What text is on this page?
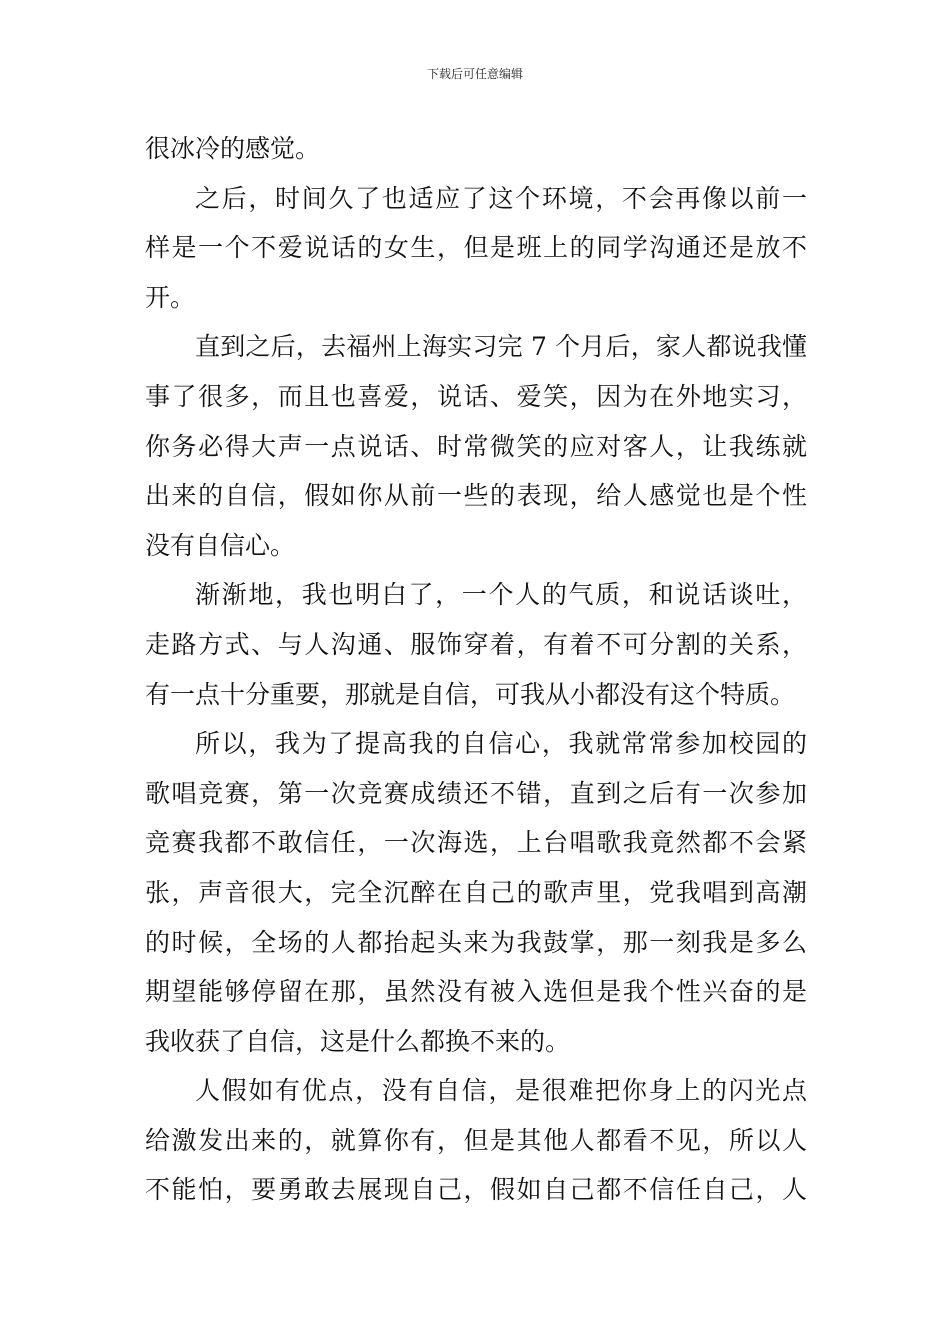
下载后可任意编辑
很冰冷的感觉。
之后，时间久了也适应了这个环境，不会再像以前一
样是一个不爱说话的女生，但是班上的同学沟通还是放不
开。
直到之后，去福州上海实习完 7 个月后，家人都说我懂
事了很多，而且也喜爱，说话、爱笑，因为在外地实习，
你务必得大声一点说话、时常微笑的应对客人，让我练就
出来的自信，假如你从前一些的表现，给人感觉也是个性
没有自信心。
渐渐地，我也明白了，一个人的气质，和说话谈吐，
走路方式、与人沟通、服饰穿着，有着不可分割的关系，
有一点十分重要，那就是自信，可我从小都没有这个特质。
所以，我为了提高我的自信心，我就常常参加校园的
歌唱竞赛，第一次竞赛成绩还不错，直到之后有一次参加
竞赛我都不敢信任，一次海选，上台唱歌我竟然都不会紧
张，声音很大，完全沉醉在自己的歌声里，党我唱到高潮
的时候，全场的人都抬起头来为我鼓掌，那一刻我是多么
期望能够停留在那，虽然没有被入选但是我个性兴奋的是
我收获了自信，这是什么都换不来的。
人假如有优点，没有自信，是很难把你身上的闪光点
给激发出来的，就算你有，但是其他人都看不见，所以人
不能怕，要勇敢去展现自己，假如自己都不信任自己，人
